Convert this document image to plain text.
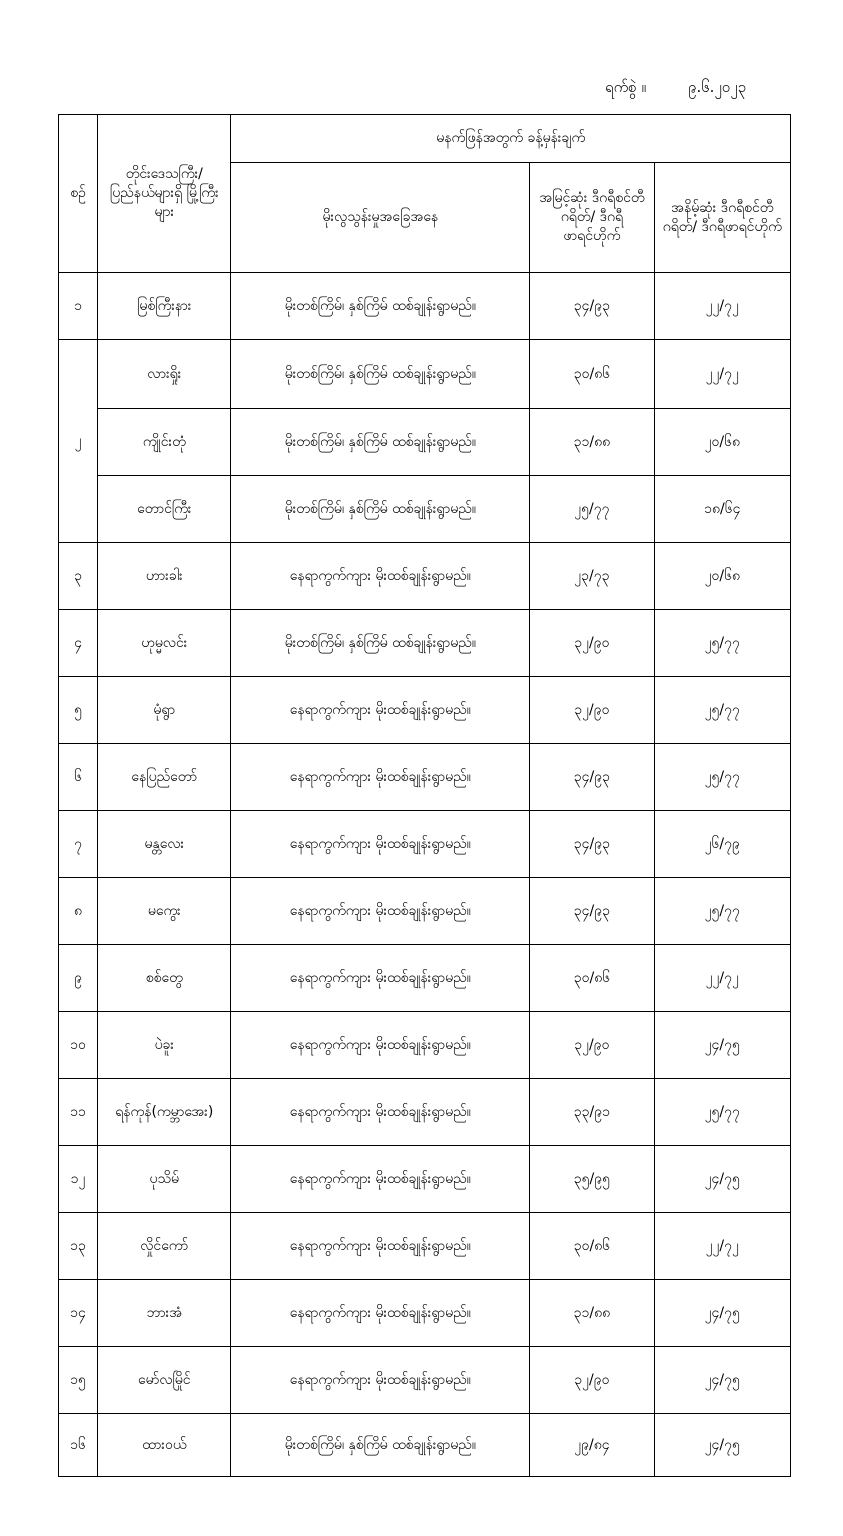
ရက်စွဲ ။	၉.၆.၂၀၂၃
စဉ်	တိုင်းဒေသကြီး/ ပြည်နယ်များရှိ မြို့ကြီးများ	မနက်ဖြန်အတွက် ခန့်မှန်းချက်		
		မိုးလွသွန်းမှုအခြေအနေ	အမြင့်ဆုံး ဒီဂရီစင်တီဂရိတ်/ ဒီဂရီဖာရင်ဟိုက်	အနိမ့်ဆုံး ဒီဂရီစင်တီဂရိတ်/ ဒီဂရီဖာရင်ဟိုက်
၁	မြစ်ကြီးနား	မိုးတစ်ကြိမ်၊ နှစ်ကြိမ် ထစ်ချုန်းရွာမည်။	၃၄/၉၃	၂၂/၇၂
၂	လားရှိုး	မိုးတစ်ကြိမ်၊ နှစ်ကြိမ် ထစ်ချုန်းရွာမည်။	၃၀/၈၆	၂၂/၇၂
	ကျိုင်းတုံ	မိုးတစ်ကြိမ်၊ နှစ်ကြိမ် ထစ်ချုန်းရွာမည်။	၃၁/၈၈	၂၀/၆၈
	တောင်ကြီး	မိုးတစ်ကြိမ်၊ နှစ်ကြိမ် ထစ်ချုန်းရွာမည်။	၂၅/၇၇	၁၈/၆၄
၃	ဟားခါး	နေရာကွက်ကျား မိုးထစ်ချုန်းရွာမည်။	၂၃/၇၃	၂၀/၆၈
၄	ဟုမ္မလင်း	မိုးတစ်ကြိမ်၊ နှစ်ကြိမ် ထစ်ချုန်းရွာမည်။	၃၂/၉၀	၂၅/၇၇
၅	မုံရွာ	နေရာကွက်ကျား မိုးထစ်ချုန်းရွာမည်။	၃၂/၉၀	၂၅/၇၇
၆	နေပြည်တော်	နေရာကွက်ကျား မိုးထစ်ချုန်းရွာမည်။	၃၄/၉၃	၂၅/၇၇
၇	မန္တလေး	နေရာကွက်ကျား မိုးထစ်ချုန်းရွာမည်။	၃၄/၉၃	၂၆/၇၉
၈	မကွေး	နေရာကွက်ကျား မိုးထစ်ချုန်းရွာမည်။	၃၄/၉၃	၂၅/၇၇
၉	စစ်တွေ	နေရာကွက်ကျား မိုးထစ်ချုန်းရွာမည်။	၃၀/၈၆	၂၂/၇၂
၁၀	ပဲခူး	နေရာကွက်ကျား မိုးထစ်ချုန်းရွာမည်။	၃၂/၉၀	၂၄/၇၅
၁၁	ရန်ကုန်(ကမ္ဘာအေး)	နေရာကွက်ကျား မိုးထစ်ချုန်းရွာမည်။	၃၃/၉၁	၂၅/၇၇
၁၂	ပုသိမ်	နေရာကွက်ကျား မိုးထစ်ချုန်းရွာမည်။	၃၅/၉၅	၂၄/၇၅
၁၃	လှိုင်ကော်	နေရာကွက်ကျား မိုးထစ်ချုန်းရွာမည်။	၃၀/၈၆	၂၂/၇၂
၁၄	ဘားအံ	နေရာကွက်ကျား မိုးထစ်ချုန်းရွာမည်။	၃၁/၈၈	၂၄/၇၅
၁၅	မော်လမြိုင်	နေရာကွက်ကျား မိုးထစ်ချုန်းရွာမည်။	၃၂/၉၀	၂၄/၇၅
၁၆	ထားဝယ်	မိုးတစ်ကြိမ်၊ နှစ်ကြိမ် ထစ်ချုန်းရွာမည်။	၂၉/၈၄	၂၄/၇၅
